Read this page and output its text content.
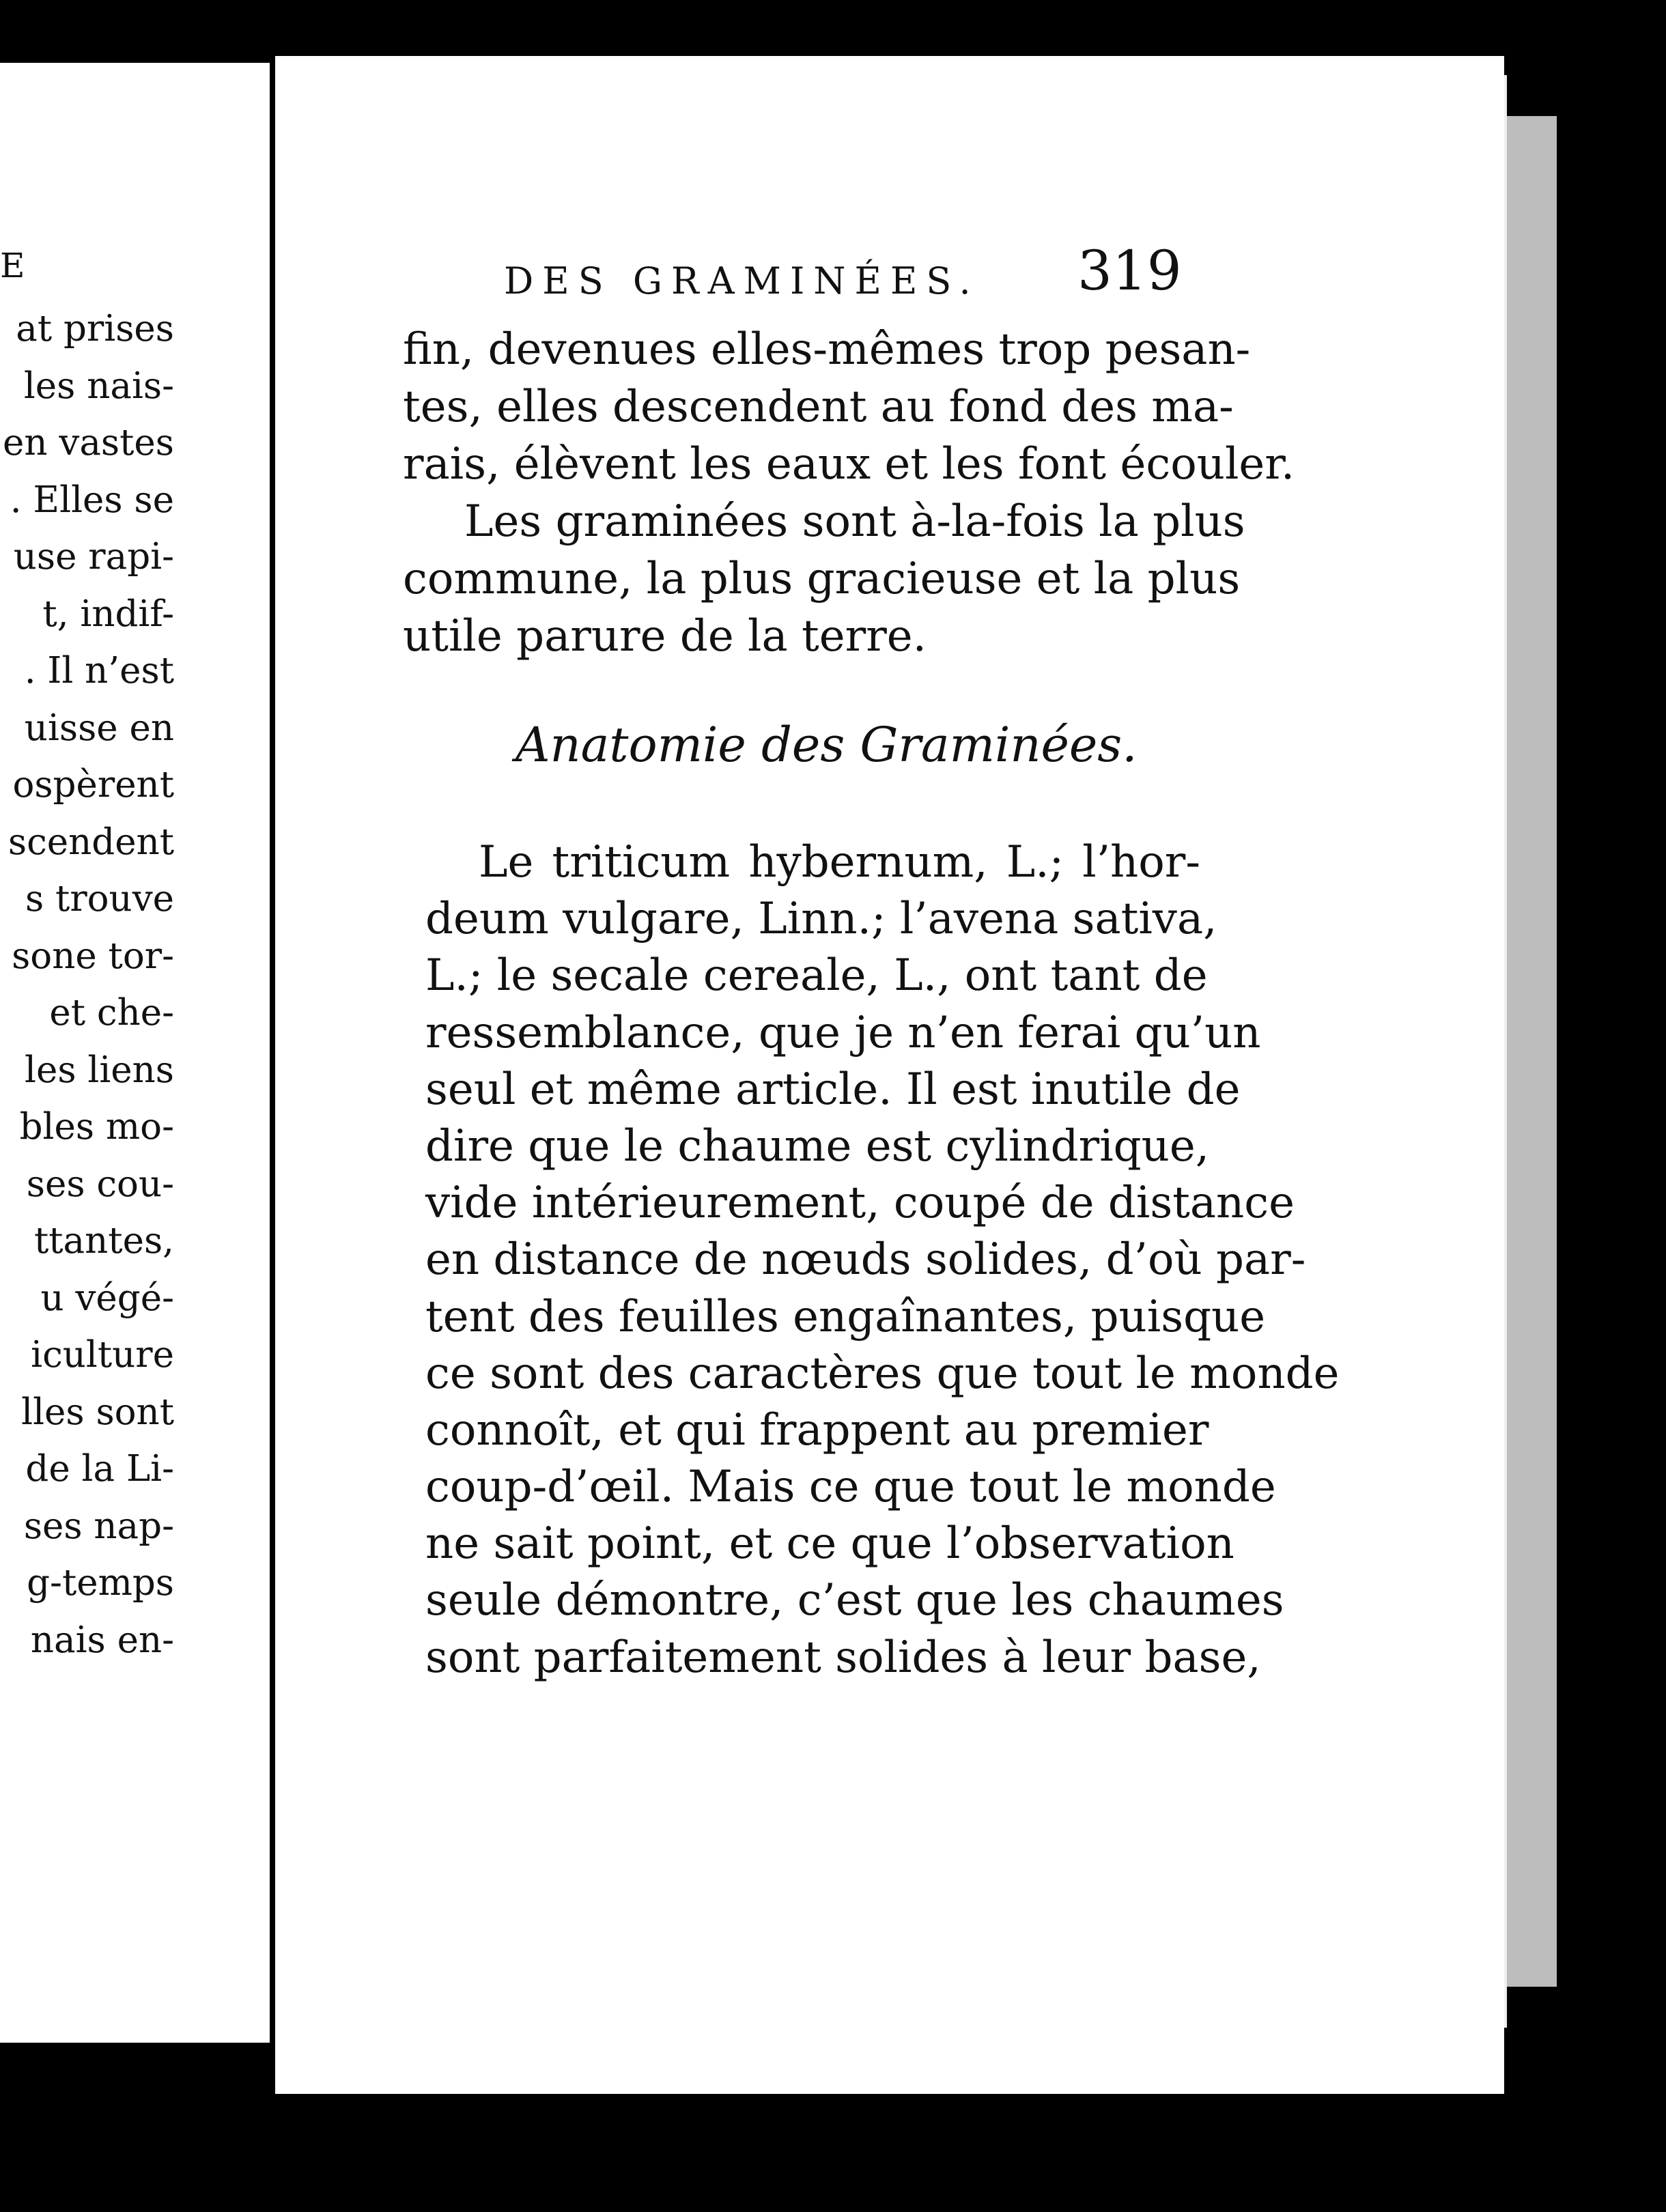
E
at prises
les nais-
en vastes
. Elles se
use rapi-
t, indif-
. Il n’est
uisse en
ospèrent
scendent
s trouve
sone tor-
et che-
les liens
bles mo-
ses cou-
ttantes,
u végé-
iculture
lles sont
de la Li-
ses nap-
g-temps
nais en-
DES GRAMINÉES. 319
fin, devenues elles-mêmes trop pesan-
tes, elles descendent au fond des ma-
rais, élèvent les eaux et les font écouler.
Les graminées sont à-la-fois la plus
commune, la plus gracieuse et la plus
utile parure de la terre.
Anatomie des Graminées.
Le triticum hybernum, L.; l’hor-
deum vulgare, Linn.; l’avena sativa,
L.; le secale cereale, L., ont tant de
ressemblance, que je n’en ferai qu’un
seul et même article. Il est inutile de
dire que le chaume est cylindrique,
vide intérieurement, coupé de distance
en distance de nœuds solides, d’où par-
tent des feuilles engaînantes, puisque
ce sont des caractères que tout le monde
connoît, et qui frappent au premier
coup-d’œil. Mais ce que tout le monde
ne sait point, et ce que l’observation
seule démontre, c’est que les chaumes
sont parfaitement solides à leur base,
